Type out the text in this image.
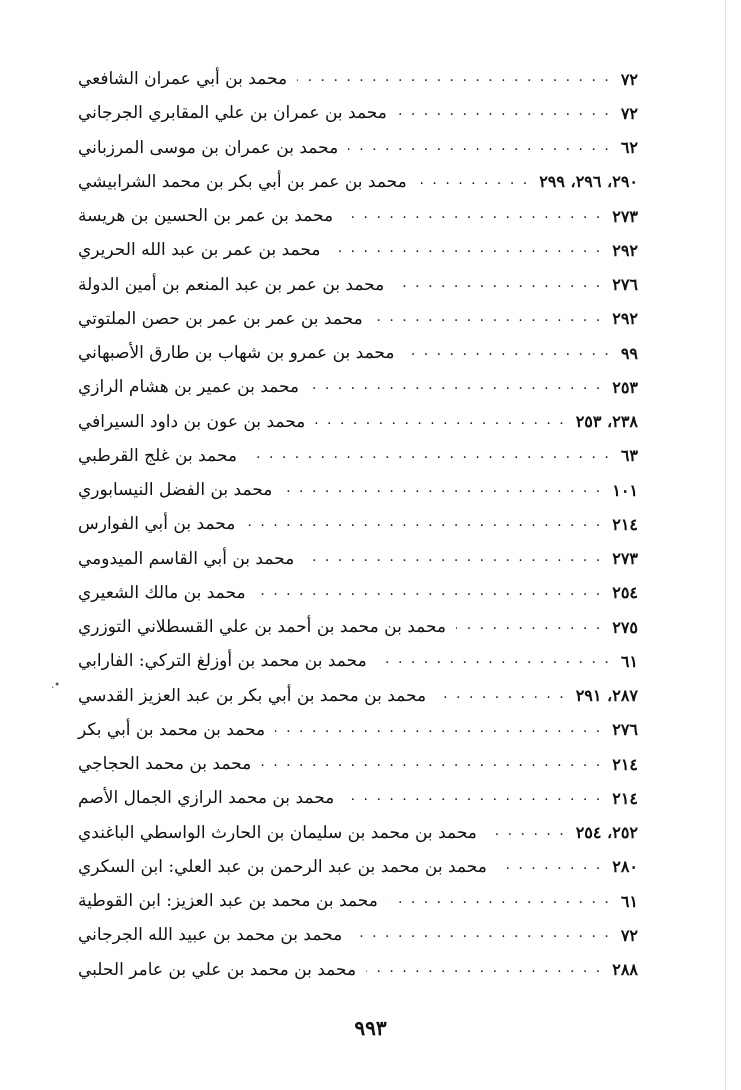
.•
محمد بن أبي عمران الشافعي . . .	٧٢
محمد بن عمران بن علي المقابري الجرجاني . . .	٧٢
محمد بن عمران بن موسى المرزباني . . .	٦٢
محمد بن عمر بن أبي بكر بن محمد الشرابيشي . . .	٢٩٠، ٢٩٦، ٢٩٩
محمد بن عمر بن الحسين بن هريسة . . .	٢٧٣
محمد بن عمر بن عبد الله الحريري . . .	٢٩٢
محمد بن عمر بن عبد المنعم بن أمين الدولة . . .	٢٧٦
محمد بن عمر بن عمر بن حصن الملتوتي . . .	٢٩٢
محمد بن عمرو بن شهاب بن طارق الأصبهاني . . .	٩٩
محمد بن عمير بن هشام الرازي . . .	٢٥٣
محمد بن عون بن داود السيرافي . . .	٢٣٨، ٢٥٣
محمد بن غلج القرطبي . . .	٦٣
محمد بن الفضل النيسابوري . . .	١٠١
محمد بن أبي الفوارس . . .	٢١٤
محمد بن أبي القاسم الميدومي . . .	٢٧٣
محمد بن مالك الشعيري . . .	٢٥٤
محمد بن محمد بن أحمد بن علي القسطلاني التوزري . . .	٢٧٥
محمد بن محمد بن أوزلغ التركي: الفارابي . . .	٦١
محمد بن محمد بن أبي بكر بن عبد العزيز القدسي . . .	٢٨٧، ٢٩١
محمد بن محمد بن أبي بكر . . .	٢٧٦
محمد بن محمد الحجاجي . . .	٢١٤
محمد بن محمد الرازي الجمال الأصم . . .	٢١٤
محمد بن محمد بن سليمان بن الحارث الواسطي الباغندي . . .	٢٥٢، ٢٥٤
محمد بن محمد بن عبد الرحمن بن عبد العلي: ابن السكري . . .	٢٨٠
محمد بن محمد بن عبد العزيز: ابن القوطية . . .	٦١
محمد بن محمد بن عبيد الله الجرجاني . . .	٧٢
محمد بن محمد بن علي بن عامر الحلبي . . .	٢٨٨
٩٩٣
